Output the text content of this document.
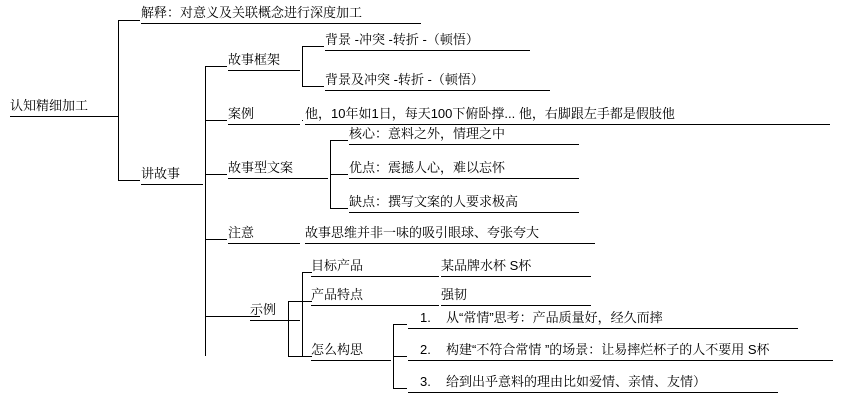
认知精细加工
解释：对意义及关联概念进行深度加工
讲故事
故事框架
背景 -冲突 -转折 -（顿悟）
背景及冲突 -转折 -（顿悟）
案例	他，10年如1日，每天100下俯卧撑... 他，右脚跟左手都是假肢他
故事型文案
核心：意料之外，情理之中
优点：震撼人心，难以忘怀
缺点：撰写文案的人要求极高
注意	故事思维并非一味的吸引眼球、夸张夸大
示例
目标产品	某品牌水杯 S杯
产品特点	强韧
怎么构思
1.	从“常情”思考：产品质量好，经久而摔
2.	构建“不符合常情 ”的场景：让易摔烂杯子的人不要用 S杯
3.	给到出乎意料的理由比如爱情、亲情、友情）
